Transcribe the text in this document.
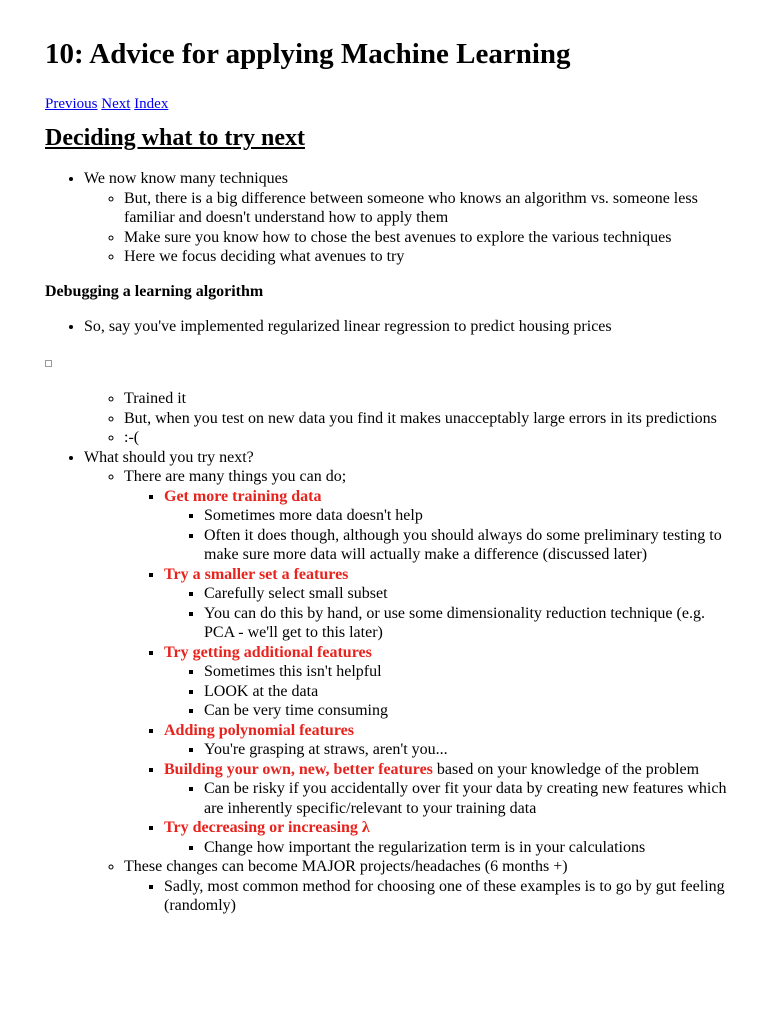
10: Advice for applying Machine Learning
Previous Next Index
Deciding what to try next
• We now know many techniques
◦ But, there is a big difference between someone who knows an algorithm vs. someone less familiar and doesn't understand how to apply them
◦ Make sure you know how to chose the best avenues to explore the various techniques
◦ Here we focus deciding what avenues to try
Debugging a learning algorithm
• So, say you've implemented regularized linear regression to predict housing prices
◦ Trained it
◦ But, when you test on new data you find it makes unacceptably large errors in its predictions
◦ :-(
• What should you try next?
◦ There are many things you can do;
▪ Get more training data
▪ Sometimes more data doesn't help
▪ Often it does though, although you should always do some preliminary testing to make sure more data will actually make a difference (discussed later)
▪ Try a smaller set a features
▪ Carefully select small subset
▪ You can do this by hand, or use some dimensionality reduction technique (e.g. PCA - we'll get to this later)
▪ Try getting additional features
▪ Sometimes this isn't helpful
▪ LOOK at the data
▪ Can be very time consuming
▪ Adding polynomial features
▪ You're grasping at straws, aren't you...
▪ Building your own, new, better features based on your knowledge of the problem
▪ Can be risky if you accidentally over fit your data by creating new features which are inherently specific/relevant to your training data
▪ Try decreasing or increasing λ
▪ Change how important the regularization term is in your calculations
◦ These changes can become MAJOR projects/headaches (6 months +)
▪ Sadly, most common method for choosing one of these examples is to go by gut feeling (randomly)
